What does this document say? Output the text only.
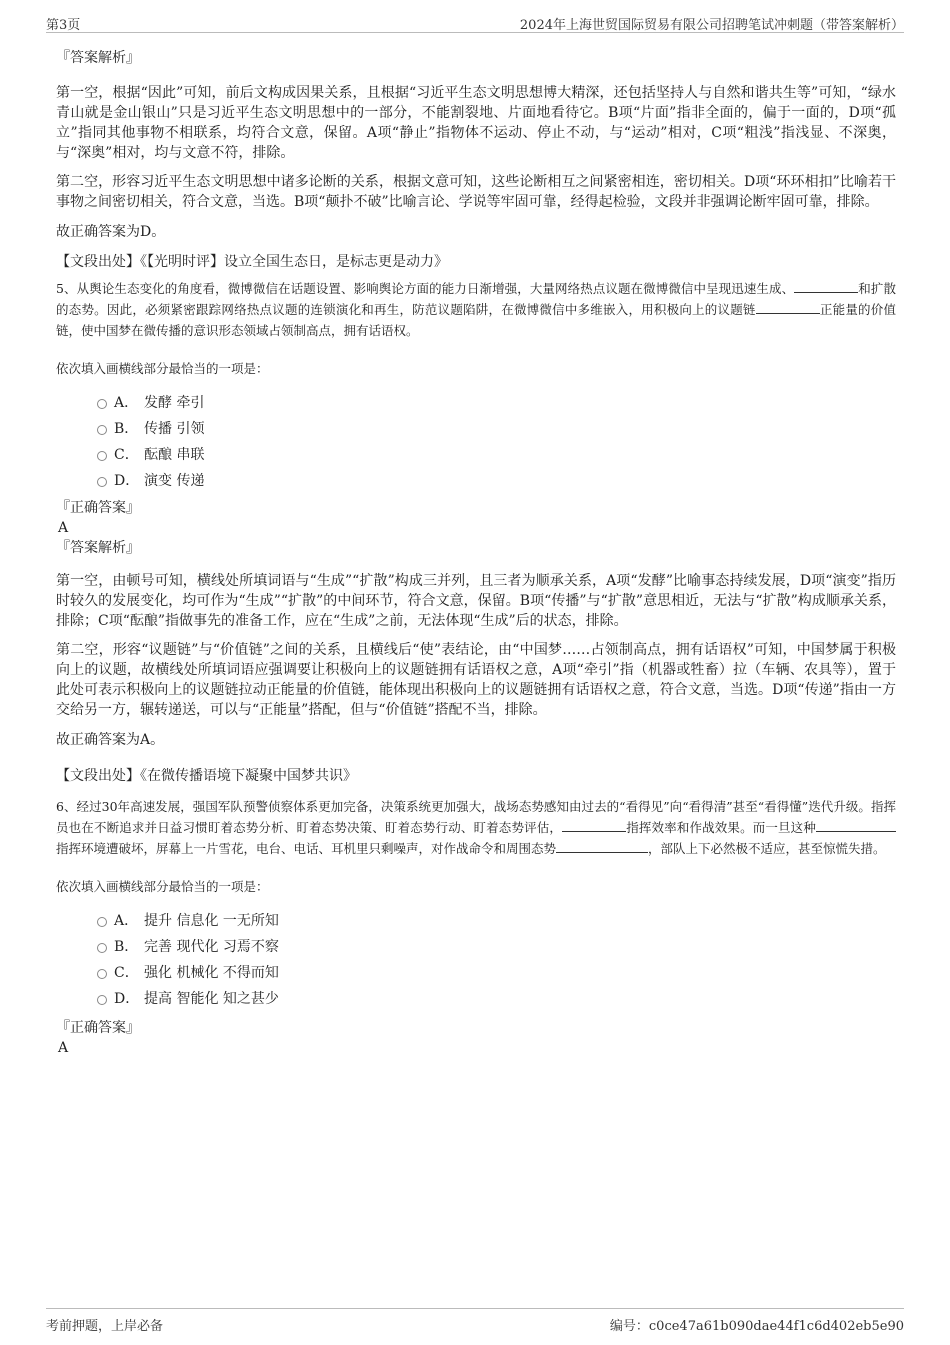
第3页	2024年上海世贸国际贸易有限公司招聘笔试冲刺题（带答案解析）

『答案解析』

第一空，根据“因此”可知，前后文构成因果关系，且根据“习近平生态文明思想博大精深，还包括坚持人与自然和谐共生等”可知，“绿水青山就是金山银山”只是习近平生态文明思想中的一部分，不能割裂地、片面地看待它。B项“片面”指非全面的，偏于一面的，D项“孤立”指同其他事物不相联系，均符合文意，保留。A项“静止”指物体不运动、停止不动，与“运动”相对，C项“粗浅”指浅显、不深奥，与“深奥”相对，均与文意不符，排除。

第二空，形容习近平生态文明思想中诸多论断的关系，根据文意可知，这些论断相互之间紧密相连，密切相关。D项“环环相扣”比喻若干事物之间密切相关，符合文意，当选。B项“颠扑不破”比喻言论、学说等牢固可靠，经得起检验，文段并非强调论断牢固可靠，排除。

故正确答案为D。

【文段出处】《【光明时评】设立全国生态日，是标志更是动力》

5、从舆论生态变化的角度看，微博微信在话题设置、影响舆论方面的能力日渐增强，大量网络热点议题在微博微信中呈现迅速生成、	和扩散的态势。因此，必须紧密跟踪网络热点议题的连锁演化和再生，防范议题陷阱，在微博微信中多维嵌入，用积极向上的议题链	正能量的价值链，使中国梦在微传播的意识形态领域占领制高点，拥有话语权。

依次填入画横线部分最恰当的一项是：

A． 发酵 牵引
B． 传播 引领
C． 酝酿 串联
D． 演变 传递

『正确答案』

A

『答案解析』

第一空，由顿号可知，横线处所填词语与“生成”“扩散”构成三并列，且三者为顺承关系，A项“发酵”比喻事态持续发展，D项“演变”指历时较久的发展变化，均可作为“生成”“扩散”的中间环节，符合文意，保留。B项“传播”与“扩散”意思相近，无法与“扩散”构成顺承关系，排除；C项“酝酿”指做事先的准备工作，应在“生成”之前，无法体现“生成”后的状态，排除。

第二空，形容“议题链”与“价值链”之间的关系，且横线后“使”表结论，由“中国梦……占领制高点，拥有话语权”可知，中国梦属于积极向上的议题，故横线处所填词语应强调要让积极向上的议题链拥有话语权之意，A项“牵引”指（机器或牲畜）拉（车辆、农具等），置于此处可表示积极向上的议题链拉动正能量的价值链，能体现出积极向上的议题链拥有话语权之意，符合文意，当选。D项“传递”指由一方交给另一方，辗转递送，可以与“正能量”搭配，但与“价值链”搭配不当，排除。

故正确答案为A。

【文段出处】《在微传播语境下凝聚中国梦共识》

6、经过30年高速发展，强国军队预警侦察体系更加完备，决策系统更加强大，战场态势感知由过去的“看得见”向“看得清”甚至“看得懂”迭代升级。指挥员也在不断追求并日益习惯盯着态势分析、盯着态势决策、盯着态势行动、盯着态势评估，	指挥效率和作战效果。而一旦这种指挥环境遭破坏，屏幕上一片雪花，电台、电话、耳机里只剩噪声，对作战命令和周围态势	，部队上下必然极不适应，甚至惊慌失措。

依次填入画横线部分最恰当的一项是：

A． 提升 信息化 一无所知
B． 完善 现代化 习焉不察
C． 强化 机械化 不得而知
D． 提高 智能化 知之甚少

『正确答案』

A

考前押题，上岸必备	编号：c0ce47a61b090dae44f1c6d402eb5e90
